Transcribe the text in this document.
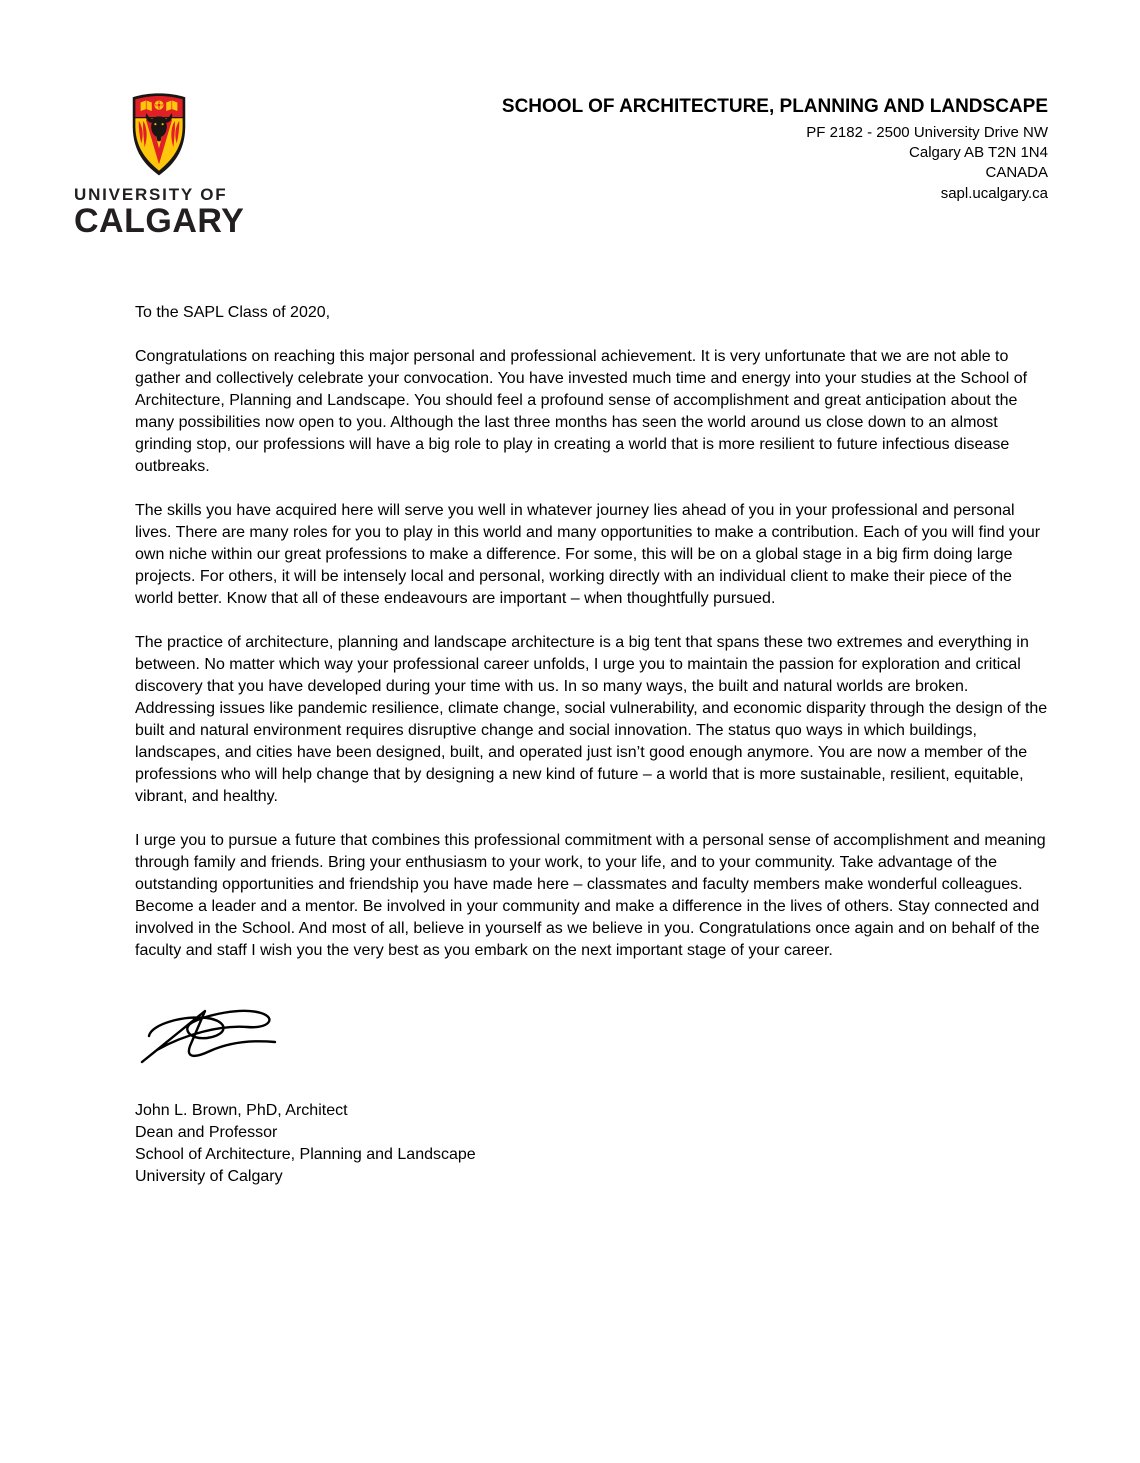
UNIVERSITY OF
CALGARY
SCHOOL OF ARCHITECTURE, PLANNING AND LANDSCAPE
PF 2182 - 2500 University Drive NW
Calgary AB T2N 1N4
CANADA
sapl.ucalgary.ca
To the SAPL Class of 2020,

Congratulations on reaching this major personal and professional achievement. It is very unfortunate that we are not able to gather and collectively celebrate your convocation. You have invested much time and energy into your studies at the School of Architecture, Planning and Landscape. You should feel a profound sense of accomplishment and great anticipation about the many possibilities now open to you. Although the last three months has seen the world around us close down to an almost grinding stop, our professions will have a big role to play in creating a world that is more resilient to future infectious disease outbreaks.

The skills you have acquired here will serve you well in whatever journey lies ahead of you in your professional and personal lives. There are many roles for you to play in this world and many opportunities to make a contribution. Each of you will find your own niche within our great professions to make a difference. For some, this will be on a global stage in a big firm doing large projects. For others, it will be intensely local and personal, working directly with an individual client to make their piece of the world better. Know that all of these endeavours are important – when thoughtfully pursued.

The practice of architecture, planning and landscape architecture is a big tent that spans these two extremes and everything in between. No matter which way your professional career unfolds, I urge you to maintain the passion for exploration and critical discovery that you have developed during your time with us. In so many ways, the built and natural worlds are broken. Addressing issues like pandemic resilience, climate change, social vulnerability, and economic disparity through the design of the built and natural environment requires disruptive change and social innovation. The status quo ways in which buildings, landscapes, and cities have been designed, built, and operated just isn’t good enough anymore. You are now a member of the professions who will help change that by designing a new kind of future – a world that is more sustainable, resilient, equitable, vibrant, and healthy.

I urge you to pursue a future that combines this professional commitment with a personal sense of accomplishment and meaning through family and friends. Bring your enthusiasm to your work, to your life, and to your community. Take advantage of the outstanding opportunities and friendship you have made here – classmates and faculty members make wonderful colleagues. Become a leader and a mentor. Be involved in your community and make a difference in the lives of others. Stay connected and involved in the School. And most of all, believe in yourself as we believe in you. Congratulations once again and on behalf of the faculty and staff I wish you the very best as you embark on the next important stage of your career.

John L. Brown, PhD, Architect
Dean and Professor
School of Architecture, Planning and Landscape
University of Calgary
